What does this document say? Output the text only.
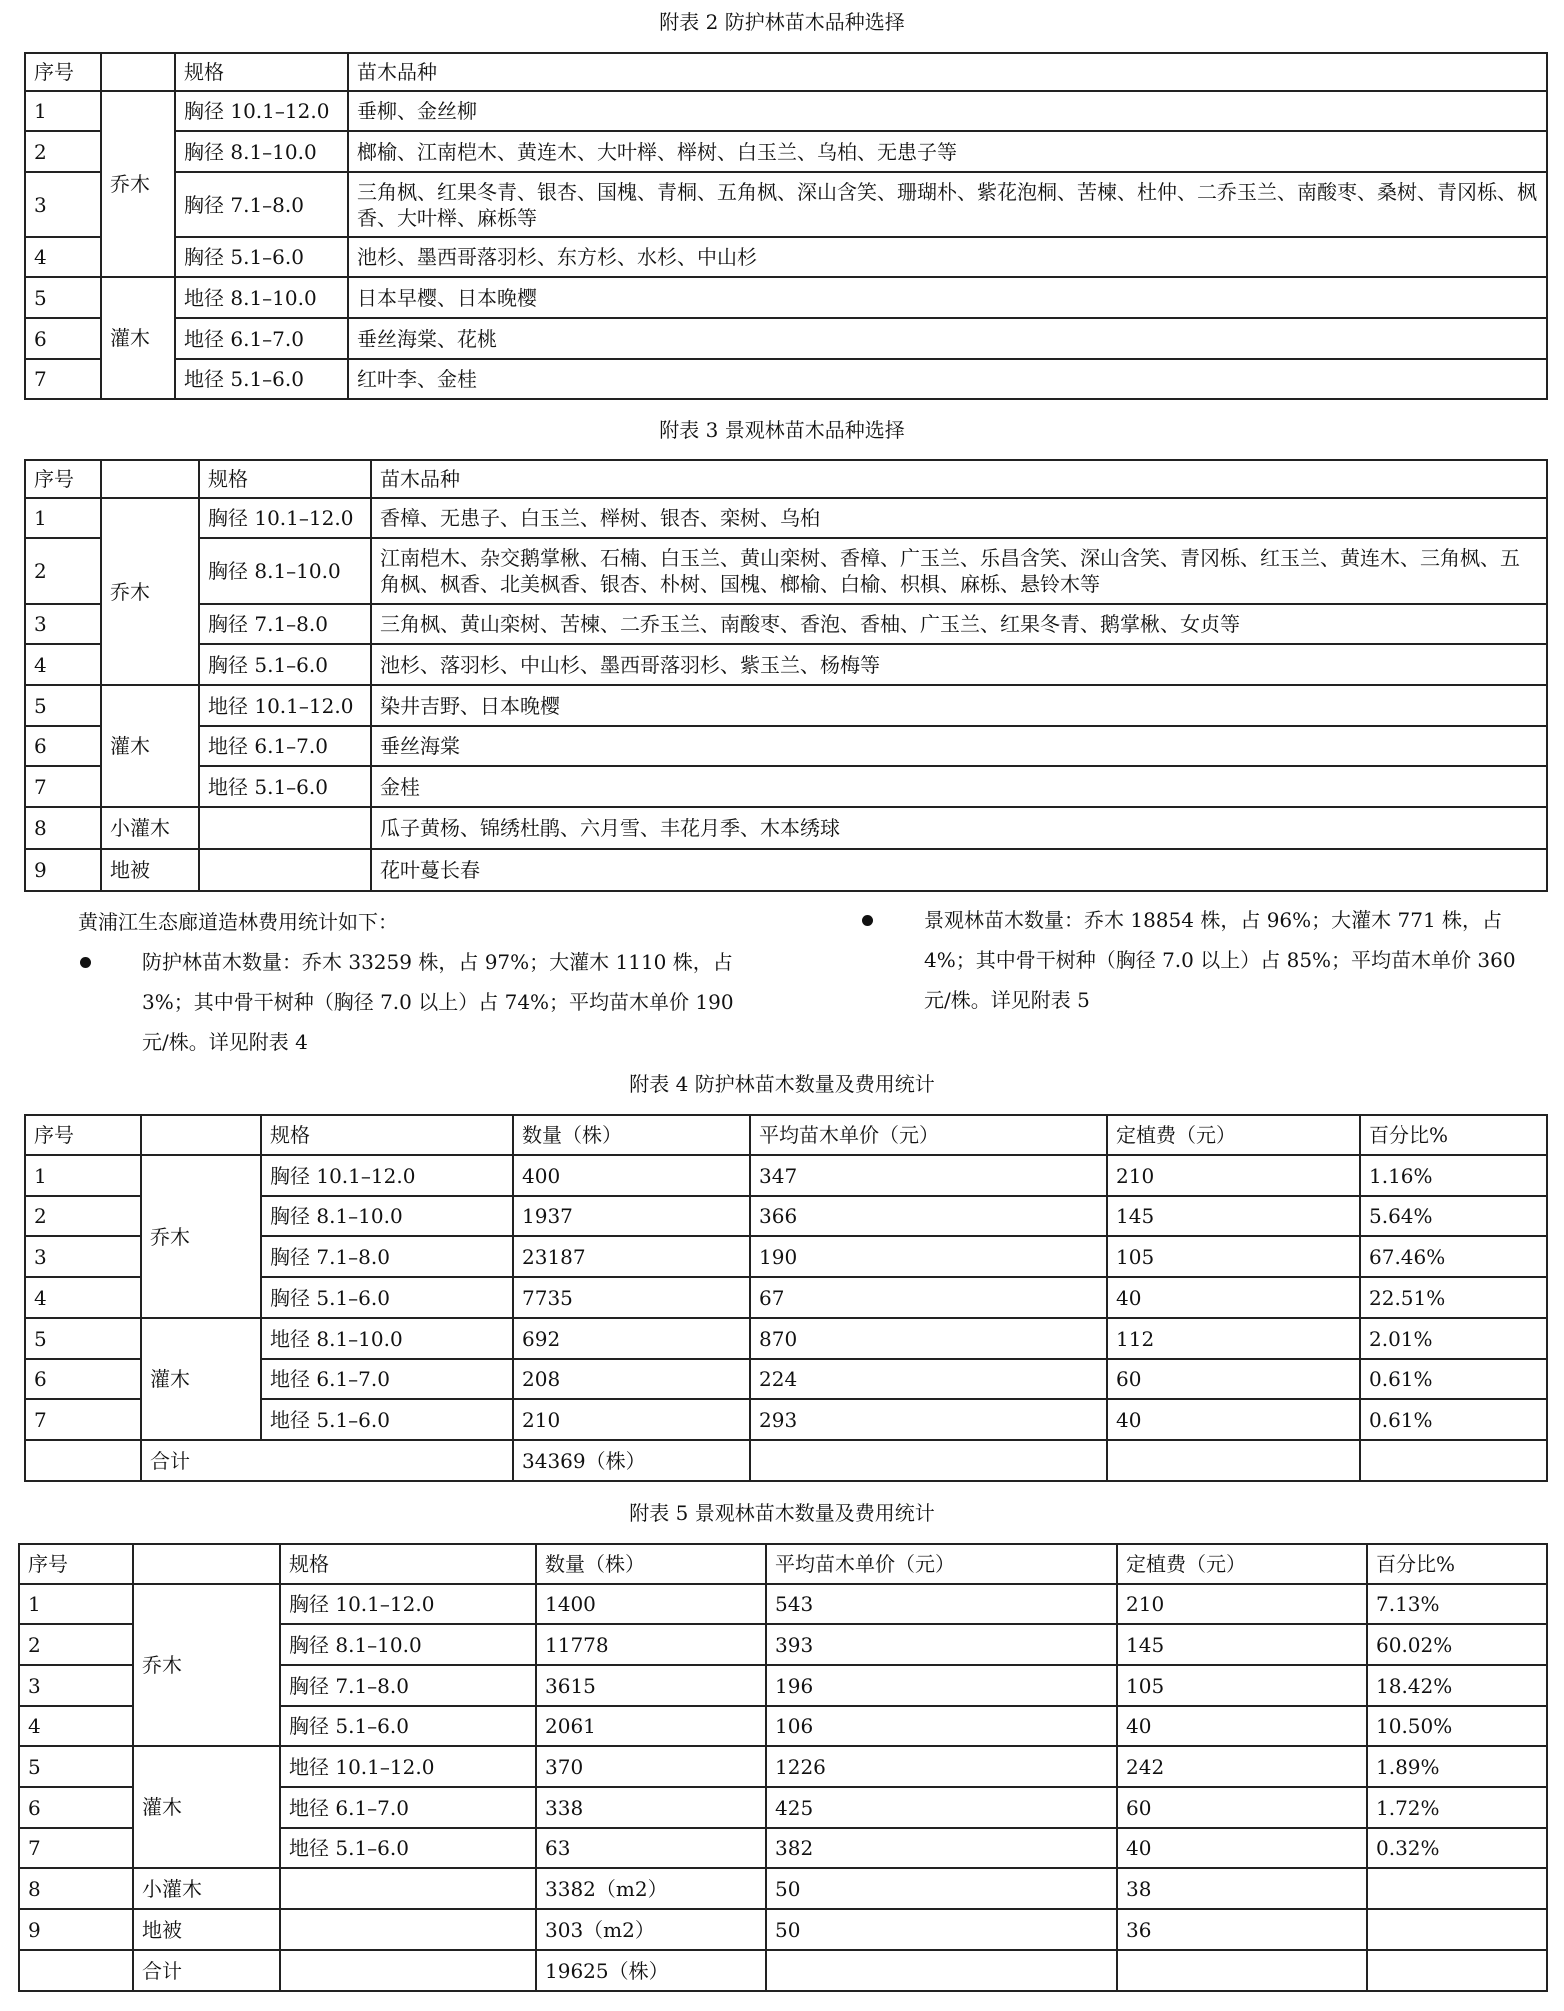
附表 2 防护林苗木品种选择
序号		规格	苗木品种
1	乔木	胸径 10.1–12.0	垂柳、金丝柳
2		胸径 8.1–10.0	榔榆、江南桤木、黄连木、大叶榉、榉树、白玉兰、乌柏、无患子等
3		胸径 7.1–8.0	三角枫、红果冬青、银杏、国槐、青桐、五角枫、深山含笑、珊瑚朴、紫花泡桐、苦楝、杜仲、二乔玉兰、南酸枣、桑树、青冈栎、枫香、大叶榉、麻栎等
4		胸径 5.1–6.0	池杉、墨西哥落羽杉、东方杉、水杉、中山杉
5	灌木	地径 8.1–10.0	日本早樱、日本晚樱
6		地径 6.1–7.0	垂丝海棠、花桃
7		地径 5.1–6.0	红叶李、金桂
附表 3 景观林苗木品种选择
序号		规格	苗木品种
1	乔木	胸径 10.1–12.0	香樟、无患子、白玉兰、榉树、银杏、栾树、乌桕
2		胸径 8.1–10.0	江南桤木、杂交鹅掌楸、石楠、白玉兰、黄山栾树、香樟、广玉兰、乐昌含笑、深山含笑、青冈栎、红玉兰、黄连木、三角枫、五角枫、枫香、北美枫香、银杏、朴树、国槐、榔榆、白榆、枳椇、麻栎、悬铃木等
3		胸径 7.1–8.0	三角枫、黄山栾树、苦楝、二乔玉兰、南酸枣、香泡、香柚、广玉兰、红果冬青、鹅掌楸、女贞等
4		胸径 5.1–6.0	池杉、落羽杉、中山杉、墨西哥落羽杉、紫玉兰、杨梅等
5	灌木	地径 10.1–12.0	染井吉野、日本晚樱
6		地径 6.1–7.0	垂丝海棠
7		地径 5.1–6.0	金桂
8	小灌木		瓜子黄杨、锦绣杜鹃、六月雪、丰花月季、木本绣球
9	地被		花叶蔓长春
黄浦江生态廊道造林费用统计如下：
防护林苗木数量：乔木 33259 株，占 97%；大灌木 1110 株，占
3%；其中骨干树种（胸径 7.0 以上）占 74%；平均苗木单价 190
元/株。详见附表 4
景观林苗木数量：乔木 18854 株，占 96%；大灌木 771 株，占
4%；其中骨干树种（胸径 7.0 以上）占 85%；平均苗木单价 360
元/株。详见附表 5
附表 4 防护林苗木数量及费用统计
序号		规格	数量（株）	平均苗木单价（元）	定植费（元）	百分比%
1	乔木	胸径 10.1–12.0	400	347	210	1.16%
2		胸径 8.1–10.0	1937	366	145	5.64%
3		胸径 7.1–8.0	23187	190	105	67.46%
4		胸径 5.1–6.0	7735	67	40	22.51%
5	灌木	地径 8.1–10.0	692	870	112	2.01%
6		地径 6.1–7.0	208	224	60	0.61%
7		地径 5.1–6.0	210	293	40	0.61%
	合计		34369（株）			
附表 5 景观林苗木数量及费用统计
序号		规格	数量（株）	平均苗木单价（元）	定植费（元）	百分比%
1	乔木	胸径 10.1–12.0	1400	543	210	7.13%
2		胸径 8.1–10.0	11778	393	145	60.02%
3		胸径 7.1–8.0	3615	196	105	18.42%
4		胸径 5.1–6.0	2061	106	40	10.50%
5	灌木	地径 10.1–12.0	370	1226	242	1.89%
6		地径 6.1–7.0	338	425	60	1.72%
7		地径 5.1–6.0	63	382	40	0.32%
8	小灌木		3382（m2）	50	38	
9	地被		303（m2）	50	36	
	合计		19625（株）			
